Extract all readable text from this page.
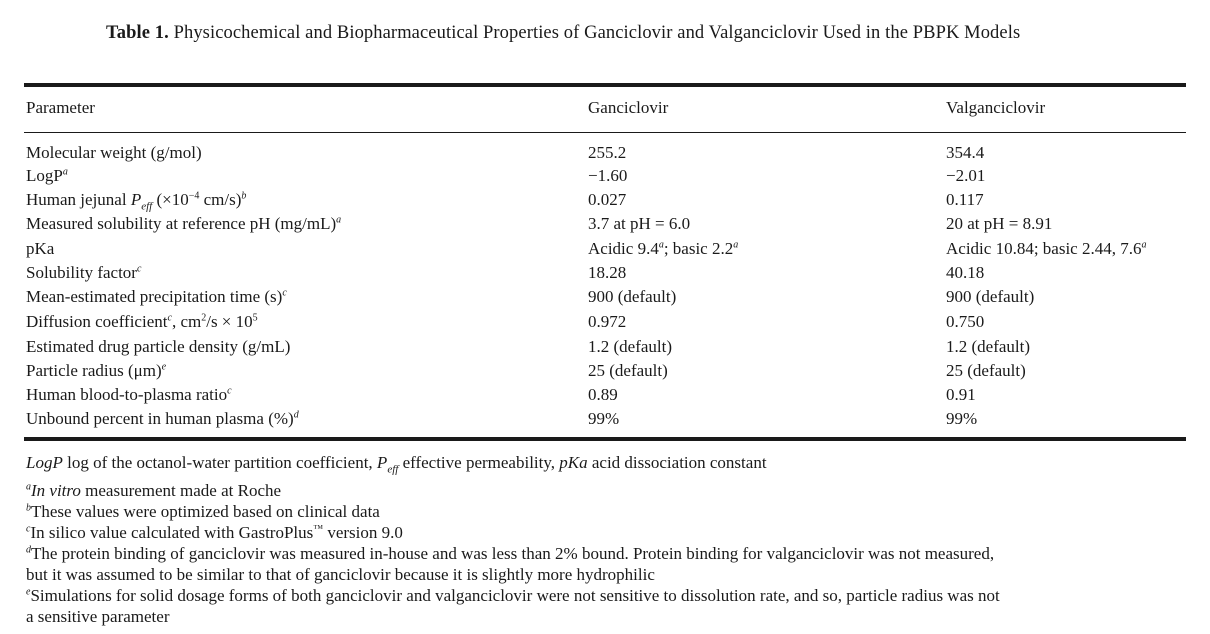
Table 1. Physicochemical and Biopharmaceutical Properties of Ganciclovir and Valganciclovir Used in the PBPK Models
Parameter	Ganciclovir	Valganciclovir
Molecular weight (g/mol)	255.2	354.4
LogP$^a$	−1.60	−2.01
Human jejunal $P_{eff}$ ($\times 10^{-4}$ cm/s)$^b$	0.027	0.117
Measured solubility at reference pH $(mg/mL)^a$	3.7 at pH = 6.0	20 at pH = 8.91
pKa	Acidic 9.4$^a$; basic 2.2$^a$	Acidic 10.84; basic 2.44, 7.6$^a$
Solubility factor$^c$	18.28	40.18
Mean-estimated precipitation time $(s)^c$	900 (default)	900 (default)
Diffusion coefficient$^c$, $cm^2/s \times 10^5$	0.972	0.750
Estimated drug particle density (g/mL)	1.2 (default)	1.2 (default)
Particle radius $(\mu m)^e$	25 (default)	25 (default)
Human blood-to-plasma ratio$^c$	0.89	0.91
Unbound percent in human plasma (%)$^d$	99%	99%
LogP log of the octanol-water partition coefficient, $P_{eff}$ effective permeability, pKa acid dissociation constant
$^a$In vitro measurement made at Roche
$^b$These values were optimized based on clinical data
$^c$In silico value calculated with GastroPlus™ version 9.0
$^d$The protein binding of ganciclovir was measured in-house and was less than 2% bound. Protein binding for valganciclovir was not measured,
but it was assumed to be similar to that of ganciclovir because it is slightly more hydrophilic
$^e$Simulations for solid dosage forms of both ganciclovir and valganciclovir were not sensitive to dissolution rate, and so, particle radius was not
a sensitive parameter
